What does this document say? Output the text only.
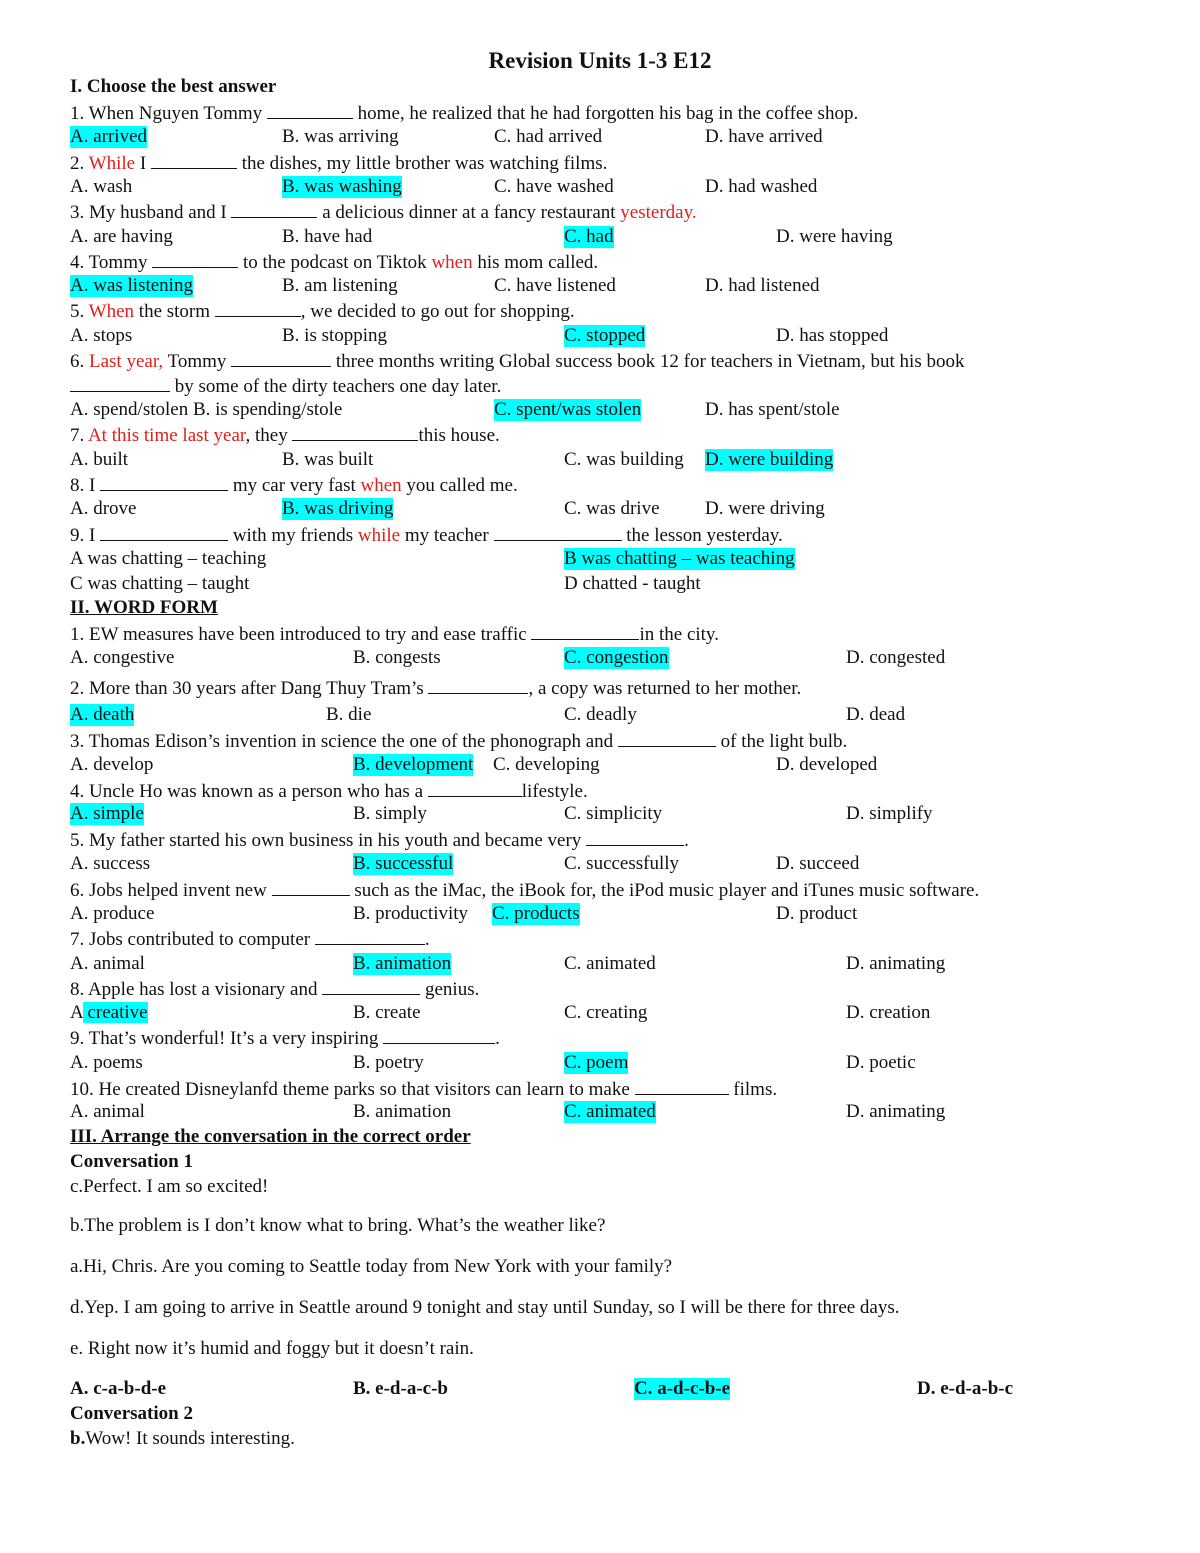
Revision Units 1-3 E12
I. Choose the best answer
1. When Nguyen Tommy	home, he realized that he had forgotten his bag in the coffee shop.
A. arrived	B. was arriving	C. had arrived	D. have arrived
2. While I	the dishes, my little brother was watching films.
A. wash	B. was washing	C. have washed	D. had washed
3. My husband and I	a delicious dinner at a fancy restaurant yesterday.
A. are having	B. have had	C. had	D. were having
4. Tommy	to the podcast on Tiktok when his mom called.
A. was listening	B. am listening	C. have listened	D. had listened
5. When the storm	, we decided to go out for shopping.
A. stops	B. is stopping	C. stopped	D. has stopped
6. Last year, Tommy	three months writing Global success book 12 for teachers in Vietnam, but his book
by some of the dirty teachers one day later.
A. spend/stolen B. is spending/stole	C. spent/was stolen	D. has spent/stole
7. At this time last year, they	this house.
A. built	B. was built	C. was building D. were building
8. I	my car very fast when you called me.
A. drove	B. was driving	C. was drive D. were driving
9. I	with my friends while my teacher	the lesson yesterday.
A was chatting – teaching	B was chatting – was teaching
C was chatting – taught	D chatted - taught
II. WORD FORM
1. EW measures have been introduced to try and ease traffic	in the city.
A. congestive	B. congests	C. congestion	D. congested
2. More than 30 years after Dang Thuy Tram’s	, a copy was returned to her mother.
A. death	B. die	C. deadly	D. dead
3. Thomas Edison’s invention in science the one of the phonograph and	of the light bulb.
A. develop	B. development C. developing	D. developed
4. Uncle Ho was known as a person who has a	lifestyle.
A. simple	B. simply	C. simplicity	D. simplify
5. My father started his own business in his youth and became very	.
A. success	B. successful	C. successfully	D. succeed
6. Jobs helped invent new	such as the iMac, the iBook for, the iPod music player and iTunes music software.
A. produce	B. productivity C. products	D. product
7. Jobs contributed to computer	.
A. animal	B. animation	C. animated	D. animating
8. Apple has lost a visionary and	genius.
A creative	B. create	C. creating	D. creation
9. That’s wonderful! It’s a very inspiring	.
A. poems	B. poetry	C. poem	D. poetic
10. He created Disneylanfd theme parks so that visitors can learn to make	films.
A. animal	B. animation	C. animated	D. animating
III. Arrange the conversation in the correct order
Conversation 1
c.Perfect. I am so excited!
b.The problem is I don’t know what to bring. What’s the weather like?
a.Hi, Chris. Are you coming to Seattle today from New York with your family?
d.Yep. I am going to arrive in Seattle around 9 tonight and stay until Sunday, so I will be there for three days.
e. Right now it’s humid and foggy but it doesn’t rain.
A. c-a-b-d-e	B. e-d-a-c-b	C. a-d-c-b-e	D. e-d-a-b-c
Conversation 2
b.Wow! It sounds interesting.
